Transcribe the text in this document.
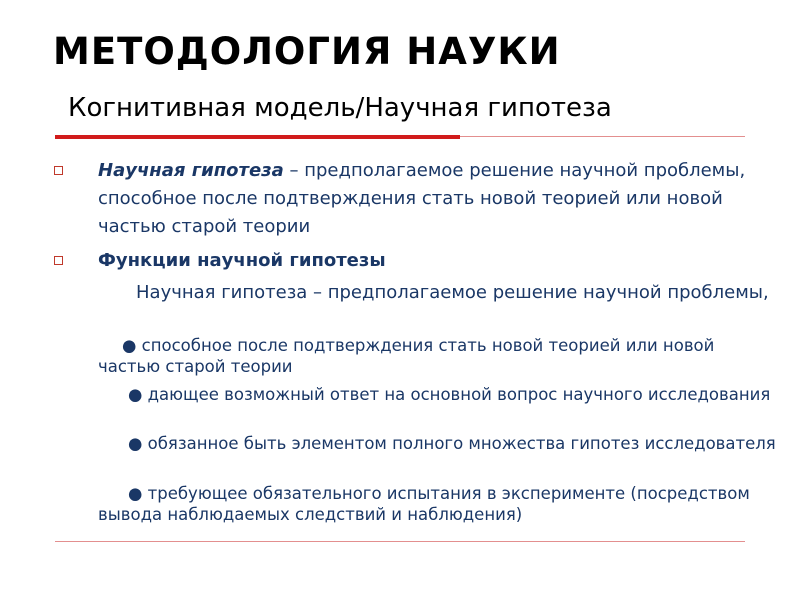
МЕТОДОЛОГИЯ НАУКИ
Когнитивная модель/Научная гипотеза
Научная гипотеза – предполагаемое решение научной проблемы, способное после подтверждения стать новой теорией или новой частью старой теории
Функции научной гипотезы
Научная гипотеза – предполагаемое решение научной проблемы,
● способное после подтверждения стать новой теорией или новой частью старой теории
● дающее возможный ответ на основной вопрос научного исследования
● обязанное быть элементом полного множества гипотез исследователя
● требующее обязательного испытания в эксперименте (посредством вывода наблюдаемых следствий и наблюдения)
